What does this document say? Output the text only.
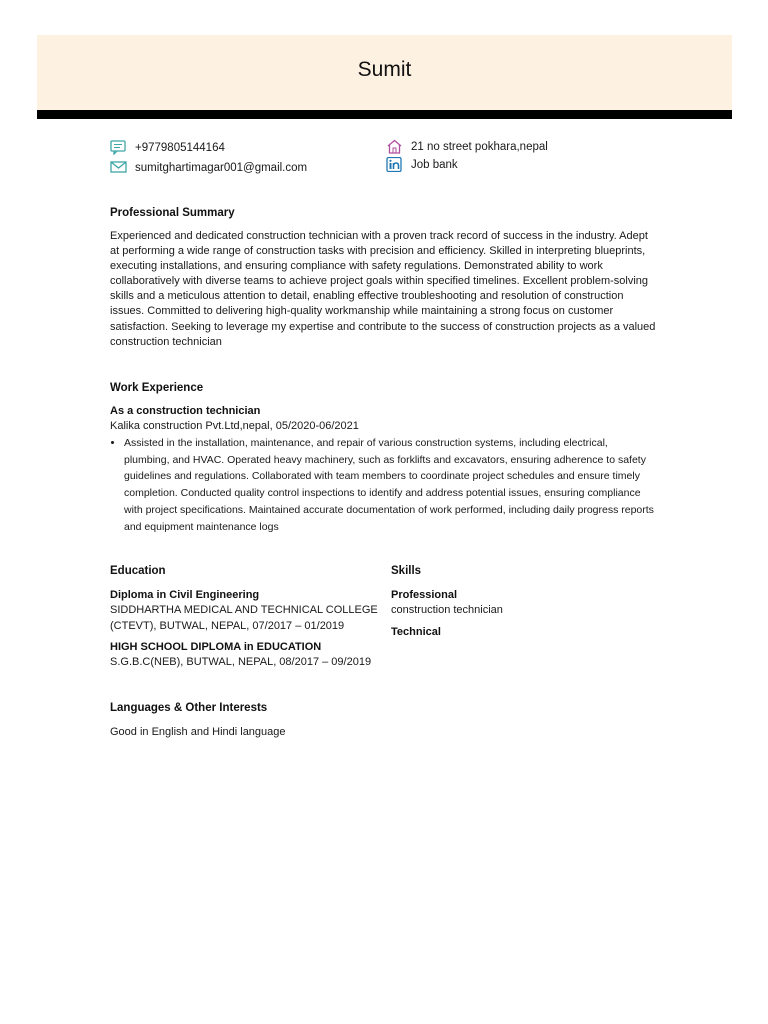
Sumit
+9779805144164
sumitghartimagar001@gmail.com
21 no street pokhara,nepal
Job bank
Professional Summary
Experienced and dedicated construction technician with a proven track record of success in the industry. Adept at performing a wide range of construction tasks with precision and efficiency. Skilled in interpreting blueprints, executing installations, and ensuring compliance with safety regulations. Demonstrated ability to work collaboratively with diverse teams to achieve project goals within specified timelines. Excellent problem-solving skills and a meticulous attention to detail, enabling effective troubleshooting and resolution of construction issues. Committed to delivering high-quality workmanship while maintaining a strong focus on customer satisfaction. Seeking to leverage my expertise and contribute to the success of construction projects as a valued construction technician
Work Experience
As a construction technician
Kalika construction Pvt.Ltd,nepal, 05/2020-06/2021
• Assisted in the installation, maintenance, and repair of various construction systems, including electrical, plumbing, and HVAC. Operated heavy machinery, such as forklifts and excavators, ensuring adherence to safety guidelines and regulations. Collaborated with team members to coordinate project schedules and ensure timely completion. Conducted quality control inspections to identify and address potential issues, ensuring compliance with project specifications. Maintained accurate documentation of work performed, including daily progress reports and equipment maintenance logs
Education
Diploma in Civil Engineering
SIDDHARTHA MEDICAL AND TECHNICAL COLLEGE (CTEVT), BUTWAL, NEPAL, 07/2017 – 01/2019
HIGH SCHOOL DIPLOMA in EDUCATION
S.G.B.C(NEB), BUTWAL, NEPAL, 08/2017 – 09/2019
Skills
Professional
construction technician
Technical
Languages & Other Interests
Good in English and Hindi language
